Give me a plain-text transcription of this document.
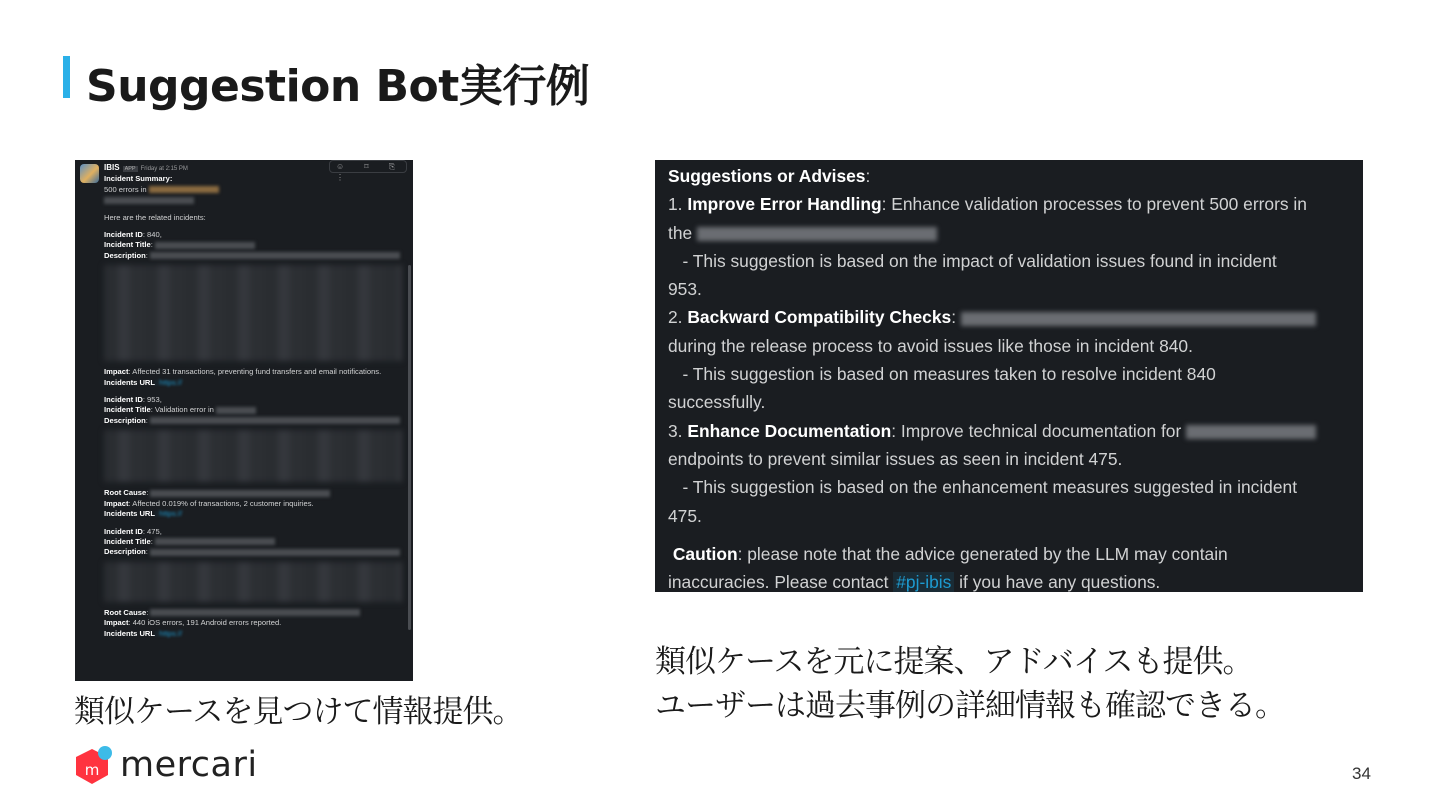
Suggestion Bot実行例
☺ ⌑ ⎘ ⋮
IBIS APP Friday at 2:15 PM
Incident Summary:
500 errors in
Here are the related incidents:
Incident ID: 840,
Incident Title:
Description:
Impact: Affected 31 transactions, preventing fund transfers and email notifications.
Incidents URL: https://
Incident ID: 953,
Incident Title: Validation error in
Description:
Root Cause:
Impact: Affected 0.019% of transactions, 2 customer inquiries.
Incidents URL: https://
Incident ID: 475,
Incident Title:
Description:
Root Cause:
Impact: 440 iOS errors, 191 Android errors reported.
Incidents URL: https://
Suggestions or Advises:
1. Improve Error Handling: Enhance validation processes to prevent 500 errors in
the
- This suggestion is based on the impact of validation issues found in incident
953.
2. Backward Compatibility Checks:
during the release process to avoid issues like those in incident 840.
- This suggestion is based on measures taken to resolve incident 840
successfully.
3. Enhance Documentation: Improve technical documentation for
endpoints to prevent similar issues as seen in incident 475.
- This suggestion is based on the enhancement measures suggested in incident
475.
Caution: please note that the advice generated by the LLM may contain
inaccuracies. Please contact #pj-ibis if you have any questions.
類似ケースを見つけて情報提供。
類似ケースを元に提案、アドバイスも提供。
ユーザーは過去事例の詳細情報も確認できる。
m mercari	34
